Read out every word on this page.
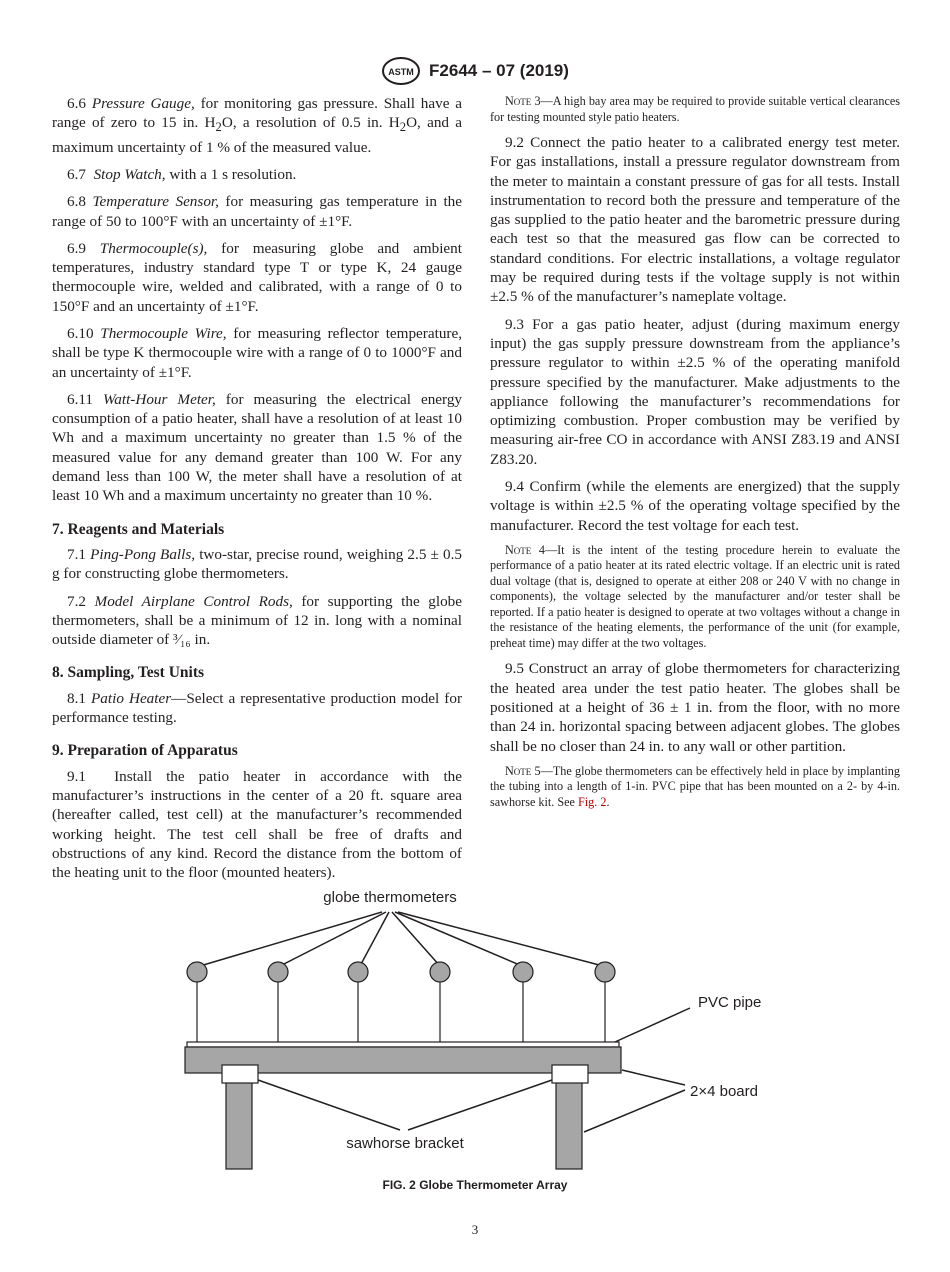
ASTM F2644 – 07 (2019)

6.6 Pressure Gauge, for monitoring gas pressure. Shall have a range of zero to 15 in. $H_2O$, a resolution of 0.5 in. $H_2O$, and a maximum uncertainty of 1 % of the measured value.

6.7 Stop Watch, with a 1 s resolution.

6.8 Temperature Sensor, for measuring gas temperature in the range of 50 to 100°F with an uncertainty of ±1°F.

6.9 Thermocouple(s), for measuring globe and ambient temperatures, industry standard type T or type K, 24 gauge thermocouple wire, welded and calibrated, with a range of 0 to 150°F and an uncertainty of ±1°F.

6.10 Thermocouple Wire, for measuring reflector temperature, shall be type K thermocouple wire with a range of 0 to 1000°F and an uncertainty of ±1°F.

6.11 Watt-Hour Meter, for measuring the electrical energy consumption of a patio heater, shall have a resolution of at least 10 Wh and a maximum uncertainty no greater than 1.5 % of the measured value for any demand greater than 100 W. For any demand less than 100 W, the meter shall have a resolution of at least 10 Wh and a maximum uncertainty no greater than 10 %.

7. Reagents and Materials

7.1 Ping-Pong Balls, two-star, precise round, weighing 2.5 ± 0.5 g for constructing globe thermometers.

7.2 Model Airplane Control Rods, for supporting the globe thermometers, shall be a minimum of 12 in. long with a nominal outside diameter of ³⁄₁₆ in.

8. Sampling, Test Units

8.1 Patio Heater—Select a representative production model for performance testing.

9. Preparation of Apparatus

9.1 Install the patio heater in accordance with the manufacturer’s instructions in the center of a 20 ft. square area (hereafter called, test cell) at the manufacturer’s recommended working height. The test cell shall be free of drafts and obstructions of any kind. Record the distance from the bottom of the heating unit to the floor (mounted heaters).

Note 3—A high bay area may be required to provide suitable vertical clearances for testing mounted style patio heaters.

9.2 Connect the patio heater to a calibrated energy test meter. For gas installations, install a pressure regulator downstream from the meter to maintain a constant pressure of gas for all tests. Install instrumentation to record both the pressure and temperature of the gas supplied to the patio heater and the barometric pressure during each test so that the measured gas flow can be corrected to standard conditions. For electric installations, a voltage regulator may be required during tests if the voltage supply is not within ±2.5 % of the manufacturer’s nameplate voltage.

9.3 For a gas patio heater, adjust (during maximum energy input) the gas supply pressure downstream from the appliance’s pressure regulator to within ±2.5 % of the operating manifold pressure specified by the manufacturer. Make adjustments to the appliance following the manufacturer’s recommendations for optimizing combustion. Proper combustion may be verified by measuring air-free CO in accordance with ANSI Z83.19 and ANSI Z83.20.

9.4 Confirm (while the elements are energized) that the supply voltage is within ±2.5 % of the operating voltage specified by the manufacturer. Record the test voltage for each test.

Note 4—It is the intent of the testing procedure herein to evaluate the performance of a patio heater at its rated electric voltage. If an electric unit is rated dual voltage (that is, designed to operate at either 208 or 240 V with no change in components), the voltage selected by the manufacturer and/or tester shall be reported. If a patio heater is designed to operate at two voltages without a change in the resistance of the heating elements, the performance of the unit (for example, preheat time) may differ at the two voltages.

9.5 Construct an array of globe thermometers for characterizing the heated area under the test patio heater. The globes shall be positioned at a height of 36 ± 1 in. from the floor, with no more than 24 in. horizontal spacing between adjacent globes. The globes shall be no closer than 24 in. to any wall or other partition.

Note 5—The globe thermometers can be effectively held in place by implanting the tubing into a length of 1-in. PVC pipe that has been mounted on a 2- by 4-in. sawhorse kit. See Fig. 2.

globe thermometers
PVC pipe
2×4 board
sawhorse bracket
FIG. 2 Globe Thermometer Array
3
